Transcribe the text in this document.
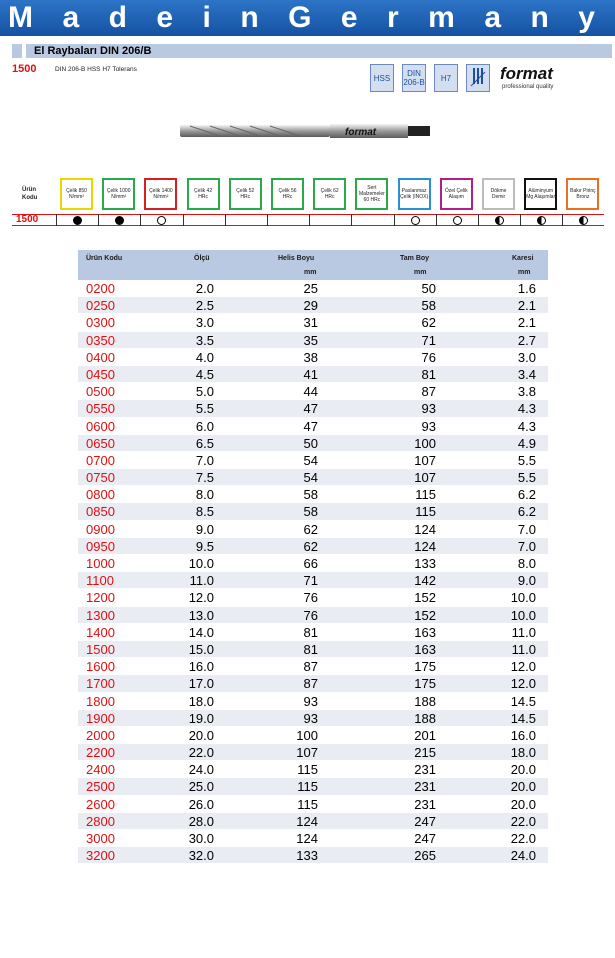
M a d e i n G e r m a n y
El Raybaları DIN 206/B
1500	DIN 206-B HSS H7 Tolerans
HSS	DIN 206-B	H7	format
professional quality
format
Ürün
Kodu
Çelik 850 N/mm²
Çelik 1000 N/mm²
Çelik 1400 N/mm²
Çelik 42 HRc
Çelik 52 HRc
Çelik 56 HRc
Çelik 62 HRc
Sert Malzemeler 60 HRc
Paslanmaz Çelik (INOX)
Özel Çelik Alaşım
Dökme Demir
Alüminyum Mg Alaşımlar
Bakır Pirinç Bronz
1500
Ürün Kodu	Ölçü	Helis Boyu
mm
Tam Boy
mm
Karesi
mm
0200	2.0	25	50	1.6
0250	2.5	29	58	2.1
0300	3.0	31	62	2.1
0350	3.5	35	71	2.7
0400	4.0	38	76	3.0
0450	4.5	41	81	3.4
0500	5.0	44	87	3.8
0550	5.5	47	93	4.3
0600	6.0	47	93	4.3
0650	6.5	50	100	4.9
0700	7.0	54	107	5.5
0750	7.5	54	107	5.5
0800	8.0	58	115	6.2
0850	8.5	58	115	6.2
0900	9.0	62	124	7.0
0950	9.5	62	124	7.0
1000	10.0	66	133	8.0
1100	11.0	71	142	9.0
1200	12.0	76	152	10.0
1300	13.0	76	152	10.0
1400	14.0	81	163	11.0
1500	15.0	81	163	11.0
1600	16.0	87	175	12.0
1700	17.0	87	175	12.0
1800	18.0	93	188	14.5
1900	19.0	93	188	14.5
2000	20.0	100	201	16.0
2200	22.0	107	215	18.0
2400	24.0	115	231	20.0
2500	25.0	115	231	20.0
2600	26.0	115	231	20.0
2800	28.0	124	247	22.0
3000	30.0	124	247	22.0
3200	32.0	133	265	24.0
